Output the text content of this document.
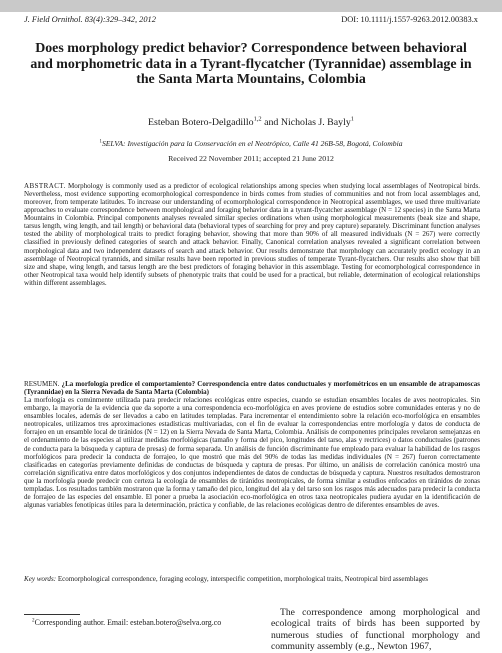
J. Field Ornithol. 83(4):329–342, 2012	DOI: 10.1111/j.1557-9263.2012.00383.x
Does morphology predict behavior? Correspondence between behavioral and morphometric data in a Tyrant-flycatcher (Tyrannidae) assemblage in the Santa Marta Mountains, Colombia
Esteban Botero-Delgadillo$^{1,2}$ and Nicholas J. Bayly$^1$
$^1$SELVA: Investigación para la Conservación en el Neotrópico, Calle 41 26B-58, Bogotá, Colombia
Received 22 November 2011; accepted 21 June 2012
ABSTRACT. Morphology is commonly used as a predictor of ecological relationships among species when studying local assemblages of Neotropical birds. Nevertheless, most evidence supporting ecomorphological correspondence in birds comes from studies of communities and not from local assemblages and, moreover, from temperate latitudes. To increase our understanding of ecomorphological correspondence in Neotropical assemblages, we used three multivariate approaches to evaluate correspondence between morphological and foraging behavior data in a tyrant-flycatcher assemblage (N = 12 species) in the Santa Marta Mountains in Colombia. Principal components analyses revealed similar species ordinations when using morphological measurements (beak size and shape, tarsus length, wing length, and tail length) or behavioral data (behavioral types of searching for prey and prey capture) separately. Discriminant function analyses tested the ability of morphological traits to predict foraging behavior, showing that more than 90% of all measured individuals (N = 267) were correctly classified in previously defined categories of search and attack behavior. Finally, Canonical correlation analyses revealed a significant correlation between morphological data and two independent datasets of search and attack behavior. Our results demonstrate that morphology can accurately predict ecology in an assemblage of Neotropical tyrannids, and similar results have been reported in previous studies of temperate Tyrant-flycatchers. Our results also show that bill size and shape, wing length, and tarsus length are the best predictors of foraging behavior in this assemblage. Testing for ecomorphological correspondence in other Neotropical taxa would help identify subsets of phenotypic traits that could be used for a practical, but reliable, determination of ecological relationships within different assemblages.
RESUMEN. ¿La morfología predice el comportamiento? Correspondencia entre datos conductuales y morfométricos en un ensamble de atrapamoscas (Tyrannidae) en la Sierra Nevada de Santa Marta (Colombia)
La morfología es comúnmente utilizada para predecir relaciones ecológicas entre especies, cuando se estudian ensambles locales de aves neotropicales. Sin embargo, la mayoría de la evidencia que da soporte a una correspondencia eco-morfológica en aves proviene de estudios sobre comunidades enteras y no de ensambles locales, además de ser llevados a cabo en latitudes templadas. Para incrementar el entendimiento sobre la relación eco-morfológica en ensambles neotropicales, utilizamos tres aproximaciones estadísticas multivariadas, con el fin de evaluar la correspondencias entre morfología y datos de conducta de forrajeo en un ensamble local de tiránidos (N = 12) en la Sierra Nevada de Santa Marta, Colombia. Análisis de componentes principales revelaron semejanzas en el ordenamiento de las especies al utilizar medidas morfológicas (tamaño y forma del pico, longitudes del tarso, alas y rectrices) o datos conductuales (patrones de conducta para la búsqueda y captura de presas) de forma separada. Un análisis de función discriminante fue empleado para evaluar la habilidad de los rasgos morfológicos para predecir la conducta de forrajeo, lo que mostró que más del 90% de todas las medidas individuales (N = 267) fueron correctamente clasificadas en categorías previamente definidas de conductas de búsqueda y captura de presas. Por último, un análisis de correlación canónica mostró una correlación significativa entre datos morfológicos y dos conjuntos independientes de datos de conductas de búsqueda y captura. Nuestros resultados demostraron que la morfología puede predecir con certeza la ecología de ensambles de tiránidos neotropicales, de forma similar a estudios enfocados en tiránidos de zonas templadas. Los resultados también mostraron que la forma y tamaño del pico, longitud del ala y del tarso son los rasgos más adecuados para predecir la conducta de forrajeo de las especies del ensamble. El poner a prueba la asociación eco-morfológica en otros taxa neotropicales pudiera ayudar en la identificación de algunas variables fenotípicas útiles para la determinación, práctica y confiable, de las relaciones ecológicas dentro de diferentes ensambles de aves.
Key words: Ecomorphological correspondence, foraging ecology, interspecific competition, morphological traits, Neotropical bird assemblages
$^2$Corresponding author. Email: esteban.botero@selva.org.co
The correspondence among morphological and ecological traits of birds has been supported by numerous studies of functional morphology and community assembly (e.g., Newton 1967,
